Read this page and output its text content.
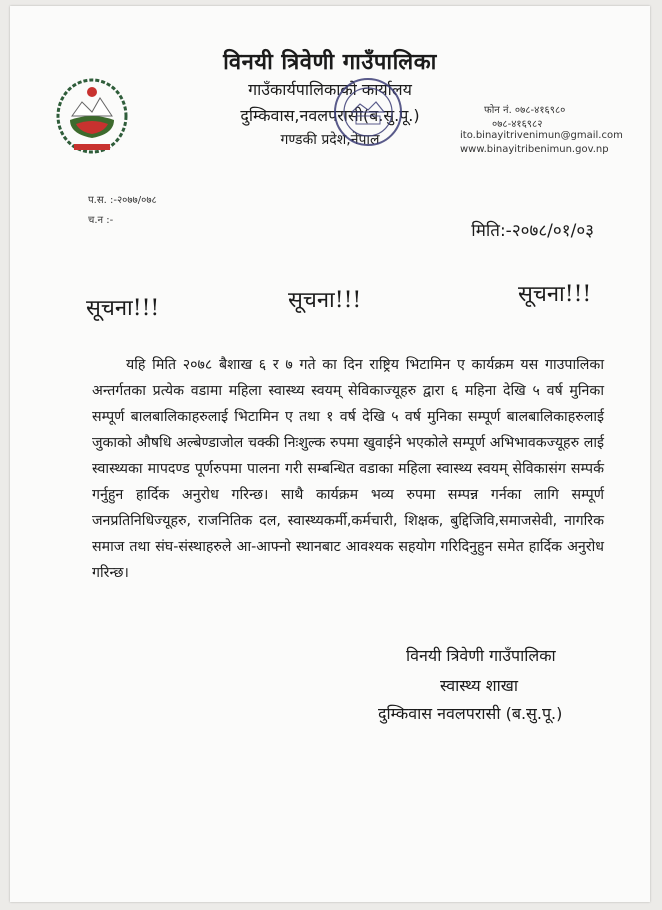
विनयी त्रिवेणी गाउँपालिका
गाउँकार्यपालिकाको कार्यालय
दुम्किवास,नवलपरासी(ब.सु.पू.)
गण्डकी प्रदेश,नेपाल
फोन नं. ०७८-४१६९८०
०७८-४१६९८२
ito.binayitrivenimun@gmail.com
www.binayitribenimun.gov.np
प.स. :-२०७७/०७८
च.न :-
मिति:-२०७८/०१/०३
सूचना!!!	सूचना!!!	सूचना!!!
यहि मिति २०७८ बैशाख ६ र ७ गते का दिन राष्ट्रिय भिटामिन ए कार्यक्रम यस गाउपालिका अन्तर्गतका प्रत्येक वडामा महिला स्वास्थ्य स्वयम् सेविकाज्यूहरु द्वारा ६ महिना देखि ५ वर्ष मुनिका सम्पूर्ण बालबालिकाहरुलाई भिटामिन ए तथा १ वर्ष देखि ५ वर्ष मुनिका सम्पूर्ण बालबालिकाहरुलाई जुकाको औषधि अल्बेण्डाजोल चक्की निःशुल्क रुपमा खुवाईने भएकोले सम्पूर्ण अभिभावकज्यूहरु लाई स्वास्थ्यका मापदण्ड पूर्णरुपमा पालना गरी सम्बन्धित वडाका महिला स्वास्थ्य स्वयम् सेविकासंग सम्पर्क गर्नुहुन हार्दिक अनुरोध गरिन्छ। साथै कार्यक्रम भव्य रुपमा सम्पन्न गर्नका लागि सम्पूर्ण जनप्रतिनिधिज्यूहरु, राजनितिक दल, स्वास्थ्यकर्मी,कर्मचारी, शिक्षक, बुद्दिजिवि,समाजसेवी, नागरिक समाज तथा संघ-संस्थाहरुले आ-आफ्नो स्थानबाट आवश्यक सहयोग गरिदिनुहुन समेत हार्दिक अनुरोध गरिन्छ।
विनयी त्रिवेणी गाउँपालिका
स्वास्थ्य शाखा
दुम्किवास नवलपरासी (ब.सु.पू.)
